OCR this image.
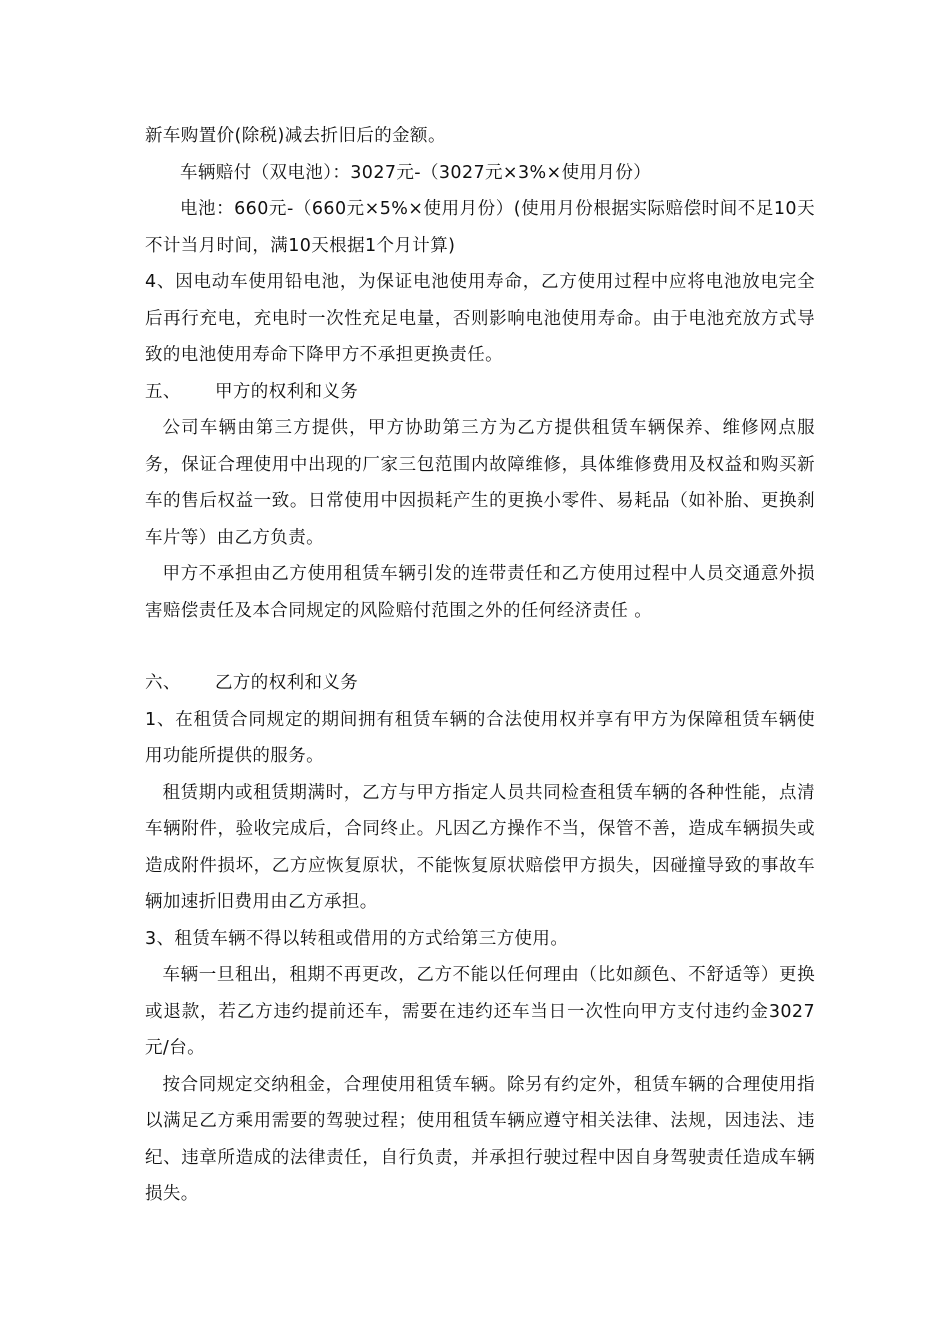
新车购置价(除税)减去折旧后的金额。

车辆赔付（双电池）：3027元-（3027元×3%×使用月份）

电池：660元-（660元×5%×使用月份）(使用月份根据实际赔偿时间不足10天不计当月时间，满10天根据1个月计算)

4、因电动车使用铅电池，为保证电池使用寿命，乙方使用过程中应将电池放电完全后再行充电，充电时一次性充足电量，否则影响电池使用寿命。由于电池充放方式导致的电池使用寿命下降甲方不承担更换责任。

五、 甲方的权利和义务

公司车辆由第三方提供，甲方协助第三方为乙方提供租赁车辆保养、维修网点服务，保证合理使用中出现的厂家三包范围内故障维修，具体维修费用及权益和购买新车的售后权益一致。日常使用中因损耗产生的更换小零件、易耗品（如补胎、更换刹车片等）由乙方负责。

甲方不承担由乙方使用租赁车辆引发的连带责任和乙方使用过程中人员交通意外损害赔偿责任及本合同规定的风险赔付范围之外的任何经济责任 。

六、 乙方的权利和义务

1、在租赁合同规定的期间拥有租赁车辆的合法使用权并享有甲方为保障租赁车辆使用功能所提供的服务。

租赁期内或租赁期满时，乙方与甲方指定人员共同检查租赁车辆的各种性能，点清车辆附件，验收完成后，合同终止。凡因乙方操作不当，保管不善，造成车辆损失或造成附件损坏，乙方应恢复原状，不能恢复原状赔偿甲方损失，因碰撞导致的事故车辆加速折旧费用由乙方承担。

3、租赁车辆不得以转租或借用的方式给第三方使用。

车辆一旦租出，租期不再更改，乙方不能以任何理由（比如颜色、不舒适等）更换或退款，若乙方违约提前还车，需要在违约还车当日一次性向甲方支付违约金3027元/台。

按合同规定交纳租金，合理使用租赁车辆。除另有约定外，租赁车辆的合理使用指以满足乙方乘用需要的驾驶过程；使用租赁车辆应遵守相关法律、法规，因违法、违纪、违章所造成的法律责任，自行负责，并承担行驶过程中因自身驾驶责任造成车辆损失。
